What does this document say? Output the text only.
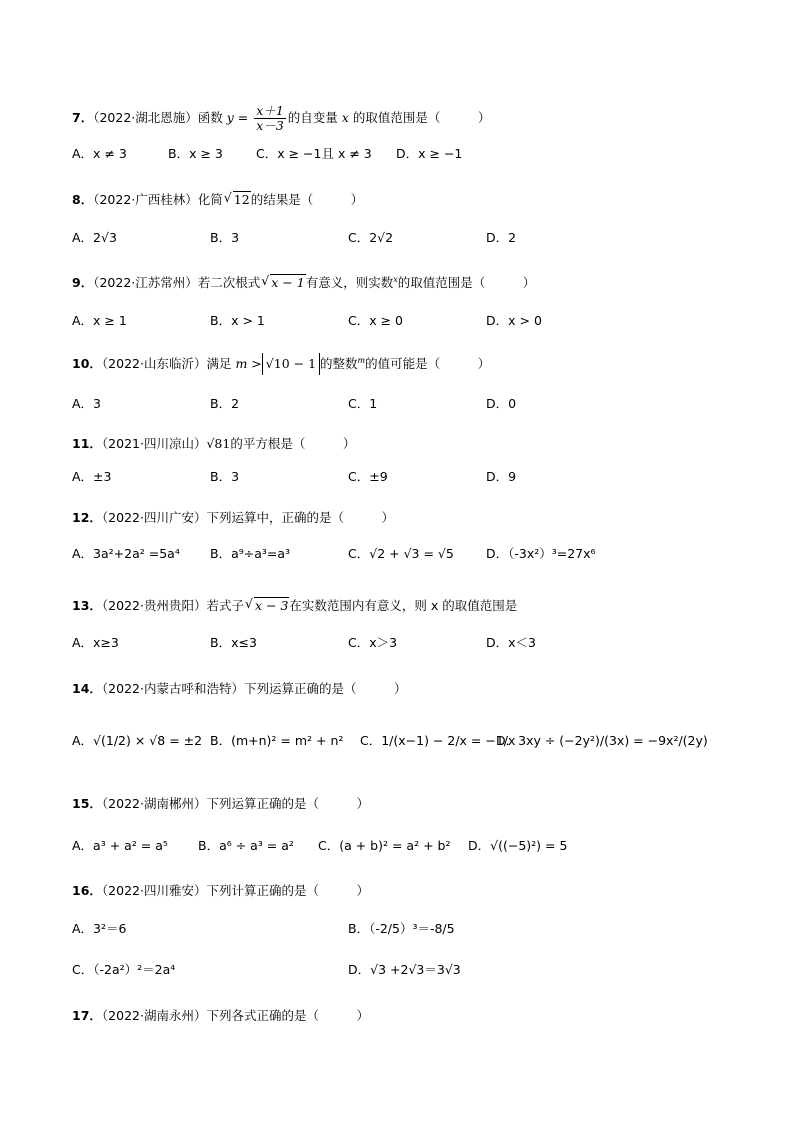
7．（2022·湖北恩施）函数 $y = \frac{x+1}{x-3}$ 的自变量 x 的取值范围是（　　　）
A．x ≠ 3	B．x ≥ 3	C．x ≥ −1且 x ≠ 3 D．x ≥ −1
8．（2022·广西桂林）化简 √ 12的结果是（　　　）
A．2√3	B．3	C．2√2	D．2
9．（2022·江苏常州）若二次根式 √ x − 1有意义，则实数$^x$的取值范围是（　　　）
A．x ≥ 1	B．x > 1	C．x ≥ 0	D．x > 0
10．（2022·山东临沂）满足 m > √10 − 1 的整数$^m$的值可能是（　　　）
A．3	B．2	C．1	D．0
11．（2021·四川凉山）√81的平方根是（　　　）
A．±3	B．3	C．±9	D．9
12．（2022·四川广安）下列运算中，正确的是（　　　）
A．3a²+2a² =5a⁴ B．a⁹÷a³=a³	C．√2 + √3 = √5	D．（-3x²）³=27x⁶
13．（2022·贵州贵阳）若式子 √ x − 3在实数范围内有意义，则 x 的取值范围是
A．x≥3	B．x≤3	C．x＞3	D．x＜3
14．（2022·内蒙古呼和浩特）下列运算正确的是（　　　）
A．√(1/2) × √8 = ±2 B．(m+n)² = m² + n² C．1/(x−1) − 2/x = −1/x
D．3xy ÷ (−2y²)/(3x) = −9x²/(2y)
15．（2022·湖南郴州）下列运算正确的是（　　　）
A．a³ + a² = a⁵ B．a⁶ ÷ a³ = a² C．(a + b)² = a² + b² D．√((−5)²) = 5
16．（2022·四川雅安）下列计算正确的是（　　　）
A．3²＝6	B．（-2/5）³＝-8/5
C．（-2a²）²＝2a⁴	D．√3 +2√3＝3√3
17．（2022·湖南永州）下列各式正确的是（　　　）
